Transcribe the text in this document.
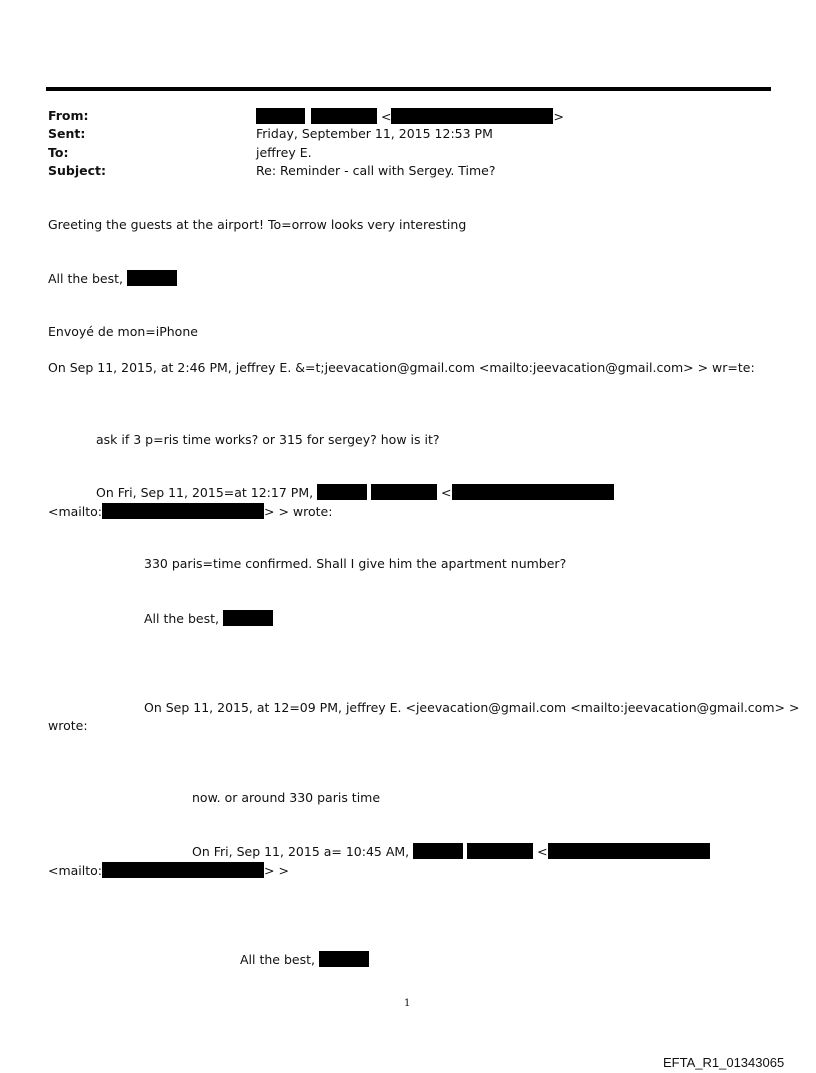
From:	<	>
Sent:	Friday, September 11, 2015 12:53 PM
To:	jeffrey E.
Subject:	Re: Reminder - call with Sergey. Time?
Greeting the guests at the airport! To=orrow looks very interesting
All the best,
Envoyé de mon=iPhone
On Sep 11, 2015, at 2:46 PM, jeffrey E. &=t;jeevacation@gmail.com <mailto:jeevacation@gmail.com> > wr=te:
ask if 3 p=ris time works? or 315 for sergey? how is it?
On Fri, Sep 11, 2015=at 12:17 PM,	<
<mailto:	> > wrote:
330 paris=time confirmed. Shall I give him the apartment number?
All the best,
On Sep 11, 2015, at 12=09 PM, jeffrey E. <jeevacation@gmail.com <mailto:jeevacation@gmail.com> >
wrote:
now. or around 330 paris time
On Fri, Sep 11, 2015 a= 10:45 AM,	<
<mailto:	> >
All the best,
1
EFTA_R1_01343065
